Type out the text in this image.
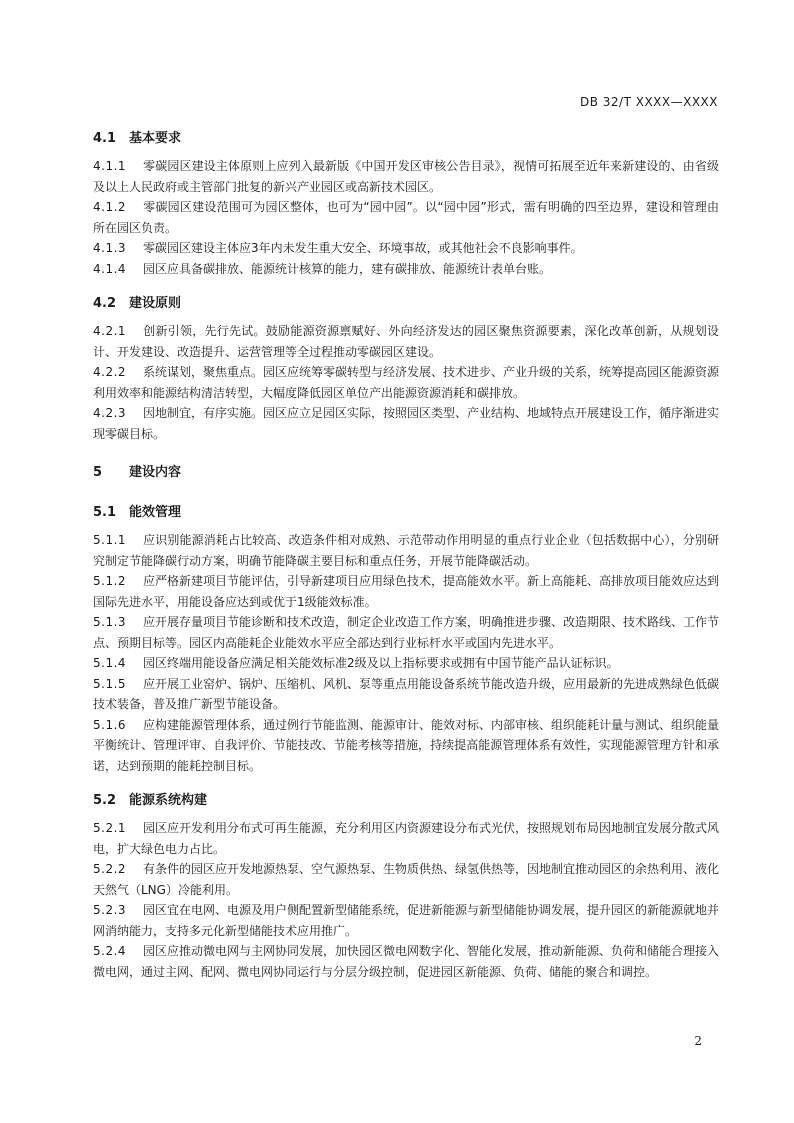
DB 32/T XXXX—XXXX
4.1 基本要求

4.1.1 零碳园区建设主体原则上应列入最新版《中国开发区审核公告目录》，视情可拓展至近年来新建设的、由省级及以上人民政府或主管部门批复的新兴产业园区或高新技术园区。

4.1.2 零碳园区建设范围可为园区整体，也可为“园中园”。以“园中园”形式，需有明确的四至边界，建设和管理由所在园区负责。

4.1.3 零碳园区建设主体应3年内未发生重大安全、环境事故，或其他社会不良影响事件。

4.1.4 园区应具备碳排放、能源统计核算的能力，建有碳排放、能源统计表单台账。

4.2 建设原则

4.2.1 创新引领，先行先试。鼓励能源资源禀赋好、外向经济发达的园区聚焦资源要素，深化改革创新，从规划设计、开发建设、改造提升、运营管理等全过程推动零碳园区建设。

4.2.2 系统谋划，聚焦重点。园区应统筹零碳转型与经济发展、技术进步、产业升级的关系，统筹提高园区能源资源利用效率和能源结构清洁转型，大幅度降低园区单位产出能源资源消耗和碳排放。

4.2.3 因地制宜，有序实施。园区应立足园区实际，按照园区类型、产业结构、地域特点开展建设工作，循序渐进实现零碳目标。

5 建设内容
5.1 能效管理

5.1.1 应识别能源消耗占比较高、改造条件相对成熟、示范带动作用明显的重点行业企业（包括数据中心），分别研究制定节能降碳行动方案，明确节能降碳主要目标和重点任务，开展节能降碳活动。

5.1.2 应严格新建项目节能评估，引导新建项目应用绿色技术，提高能效水平。新上高能耗、高排放项目能效应达到国际先进水平，用能设备应达到或优于1级能效标准。

5.1.3 应开展存量项目节能诊断和技术改造，制定企业改造工作方案，明确推进步骤、改造期限、技术路线、工作节点、预期目标等。园区内高能耗企业能效水平应全部达到行业标杆水平或国内先进水平。

5.1.4 园区终端用能设备应满足相关能效标准2级及以上指标要求或拥有中国节能产品认证标识。

5.1.5 应开展工业窑炉、锅炉、压缩机、风机、泵等重点用能设备系统节能改造升级，应用最新的先进成熟绿色低碳技术装备，普及推广新型节能设备。

5.1.6 应构建能源管理体系，通过例行节能监测、能源审计、能效对标、内部审核、组织能耗计量与测试、组织能量平衡统计、管理评审、自我评价、节能技改、节能考核等措施，持续提高能源管理体系有效性，实现能源管理方针和承诺，达到预期的能耗控制目标。

5.2 能源系统构建

5.2.1 园区应开发利用分布式可再生能源，充分利用区内资源建设分布式光伏，按照规划布局因地制宜发展分散式风电，扩大绿色电力占比。

5.2.2 有条件的园区应开发地源热泵、空气源热泵、生物质供热、绿氢供热等，因地制宜推动园区的余热利用、液化天然气（LNG）冷能利用。

5.2.3 园区宜在电网、电源及用户侧配置新型储能系统，促进新能源与新型储能协调发展，提升园区的新能源就地并网消纳能力，支持多元化新型储能技术应用推广。

5.2.4 园区应推动微电网与主网协同发展，加快园区微电网数字化、智能化发展，推动新能源、负荷和储能合理接入微电网，通过主网、配网、微电网协同运行与分层分级控制，促进园区新能源、负荷、储能的聚合和调控。

2
